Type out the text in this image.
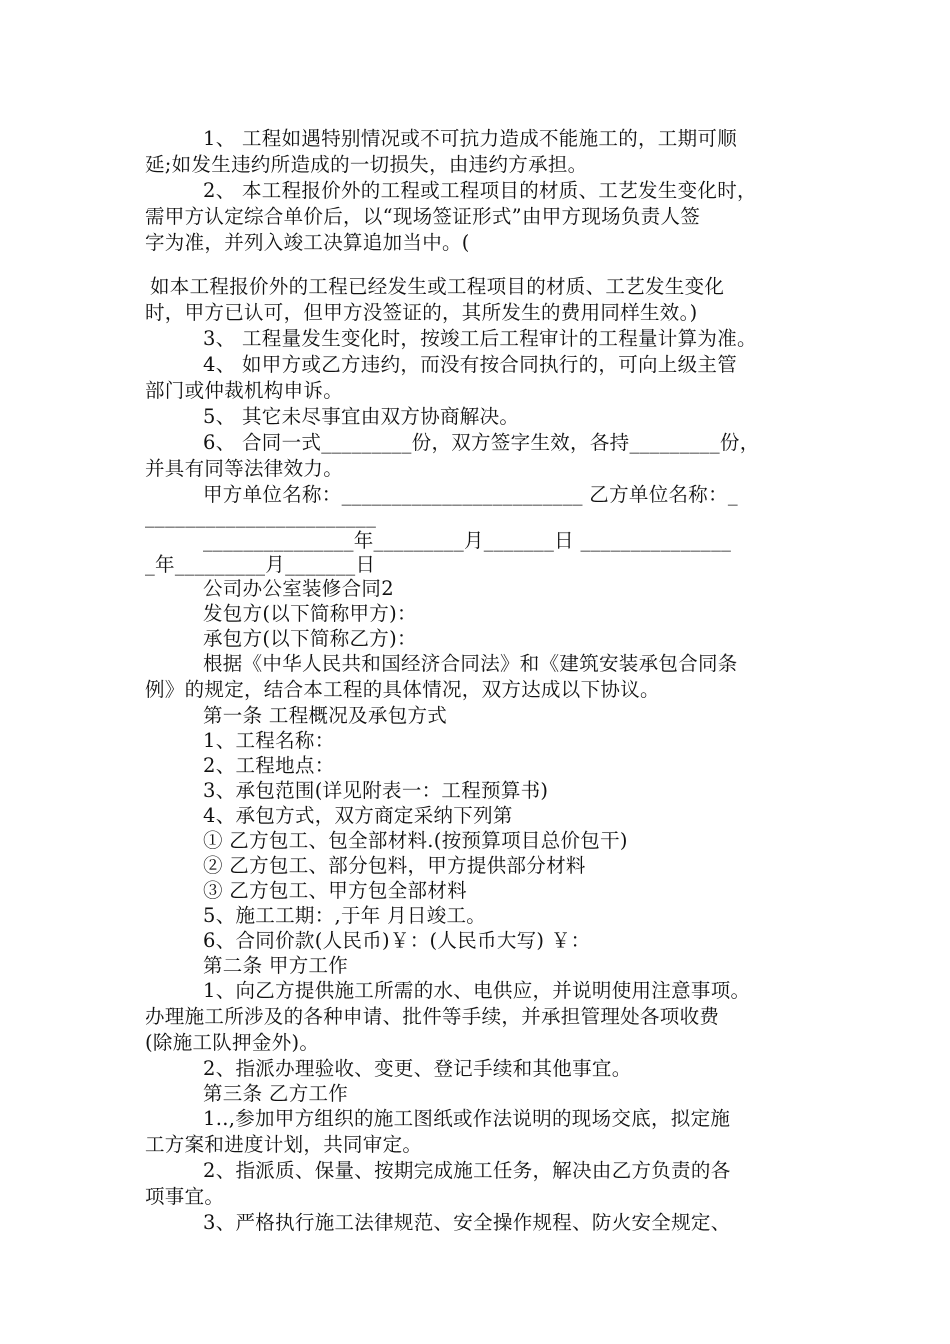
1、 工程如遇特别情况或不可抗力造成不能施工的，工期可顺
延;如发生违约所造成的一切损失，由违约方承担。
2、 本工程报价外的工程或工程项目的材质、工艺发生变化时，
需甲方认定综合单价后，以“现场签证形式”由甲方现场负责人签
字为准，并列入竣工决算追加当中。(
如本工程报价外的工程已经发生或工程项目的材质、工艺发生变化
时，甲方已认可，但甲方没签证的，其所发生的费用同样生效。)
3、 工程量发生变化时，按竣工后工程审计的工程量计算为准。
4、 如甲方或乙方违约，而没有按合同执行的，可向上级主管
部门或仲裁机构申诉。
5、 其它未尽事宜由双方协商解决。
6、 合同一式_________份，双方签字生效，各持_________份，
并具有同等法律效力。
甲方单位名称：________________________ 乙方单位名称：_
_______________________
_______________年_________月_______日 _______________
_年_________月_______日
公司办公室装修合同2
发包方(以下简称甲方)：
承包方(以下简称乙方)：
根据《中华人民共和国经济合同法》和《建筑安装承包合同条
例》的规定，结合本工程的具体情况，双方达成以下协议。
第一条 工程概况及承包方式
1、工程名称：
2、工程地点：
3、承包范围(详见附表一：工程预算书)
4、承包方式，双方商定采纳下列第
① 乙方包工、包全部材料.(按预算项目总价包干)
② 乙方包工、部分包料，甲方提供部分材料
③ 乙方包工、甲方包全部材料
5、施工工期：,于年 月日竣工。
6、合同价款(人民币)￥：(人民币大写) ￥：
第二条 甲方工作
1、向乙方提供施工所需的水、电供应，并说明使用注意事项。
办理施工所涉及的各种申请、批件等手续，并承担管理处各项收费
(除施工队押金外)。
2、指派办理验收、变更、登记手续和其他事宜。
第三条 乙方工作
1..,参加甲方组织的施工图纸或作法说明的现场交底，拟定施
工方案和进度计划，共同审定。
2、指派质、保量、按期完成施工任务，解决由乙方负责的各
项事宜。
3、严格执行施工法律规范、安全操作规程、防火安全规定、
